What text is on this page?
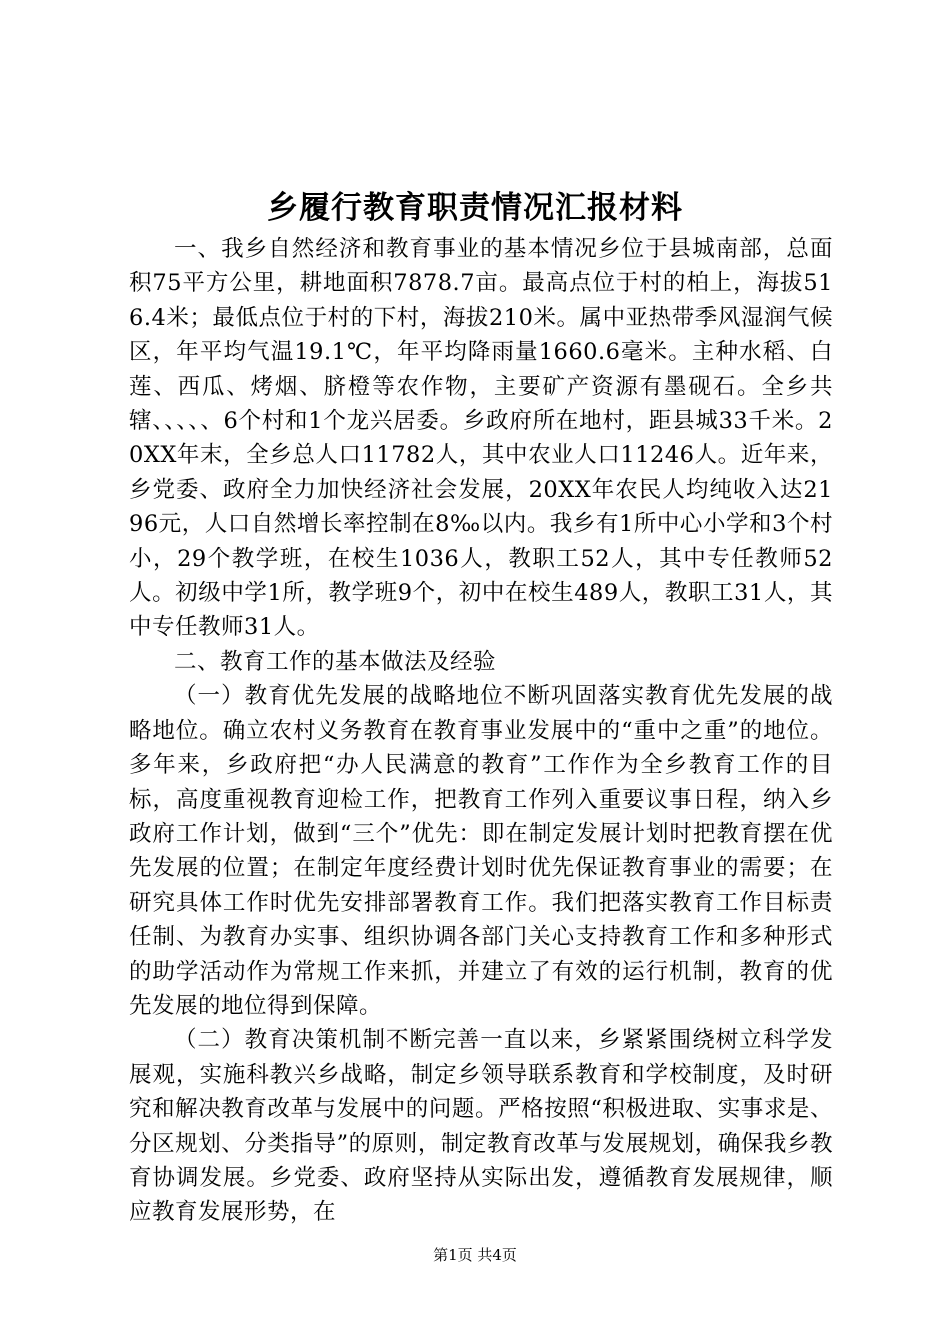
乡履行教育职责情况汇报材料

一、我乡自然经济和教育事业的基本情况乡位于县城南部，总面积75平方公里，耕地面积7878.7亩。最高点位于村的柏上，海拔516.4米；最低点位于村的下村，海拔210米。属中亚热带季风湿润气候区，年平均气温19.1℃，年平均降雨量1660.6毫米。主种水稻、白莲、西瓜、烤烟、脐橙等农作物，主要矿产资源有墨砚石。全乡共辖、、、、、6个村和1个龙兴居委。乡政府所在地村，距县城33千米。20XX年末，全乡总人口11782人，其中农业人口11246人。近年来，乡党委、政府全力加快经济社会发展，20XX年农民人均纯收入达2196元，人口自然增长率控制在8‰以内。我乡有1所中心小学和3个村小，29个教学班，在校生1036人，教职工52人，其中专任教师52人。初级中学1所，教学班9个，初中在校生489人，教职工31人，其中专任教师31人。

二、教育工作的基本做法及经验

（一）教育优先发展的战略地位不断巩固落实教育优先发展的战略地位。确立农村义务教育在教育事业发展中的“重中之重”的地位。多年来，乡政府把“办人民满意的教育”工作作为全乡教育工作的目标，高度重视教育迎检工作，把教育工作列入重要议事日程，纳入乡政府工作计划，做到“三个”优先：即在制定发展计划时把教育摆在优先发展的位置；在制定年度经费计划时优先保证教育事业的需要；在研究具体工作时优先安排部署教育工作。我们把落实教育工作目标责任制、为教育办实事、组织协调各部门关心支持教育工作和多种形式的助学活动作为常规工作来抓，并建立了有效的运行机制，教育的优先发展的地位得到保障。

（二）教育决策机制不断完善一直以来，乡紧紧围绕树立科学发展观，实施科教兴乡战略，制定乡领导联系教育和学校制度，及时研究和解决教育改革与发展中的问题。严格按照“积极进取、实事求是、分区规划、分类指导”的原则，制定教育改革与发展规划，确保我乡教育协调发展。乡党委、政府坚持从实际出发，遵循教育发展规律，顺应教育发展形势，在

第1页 共4页
